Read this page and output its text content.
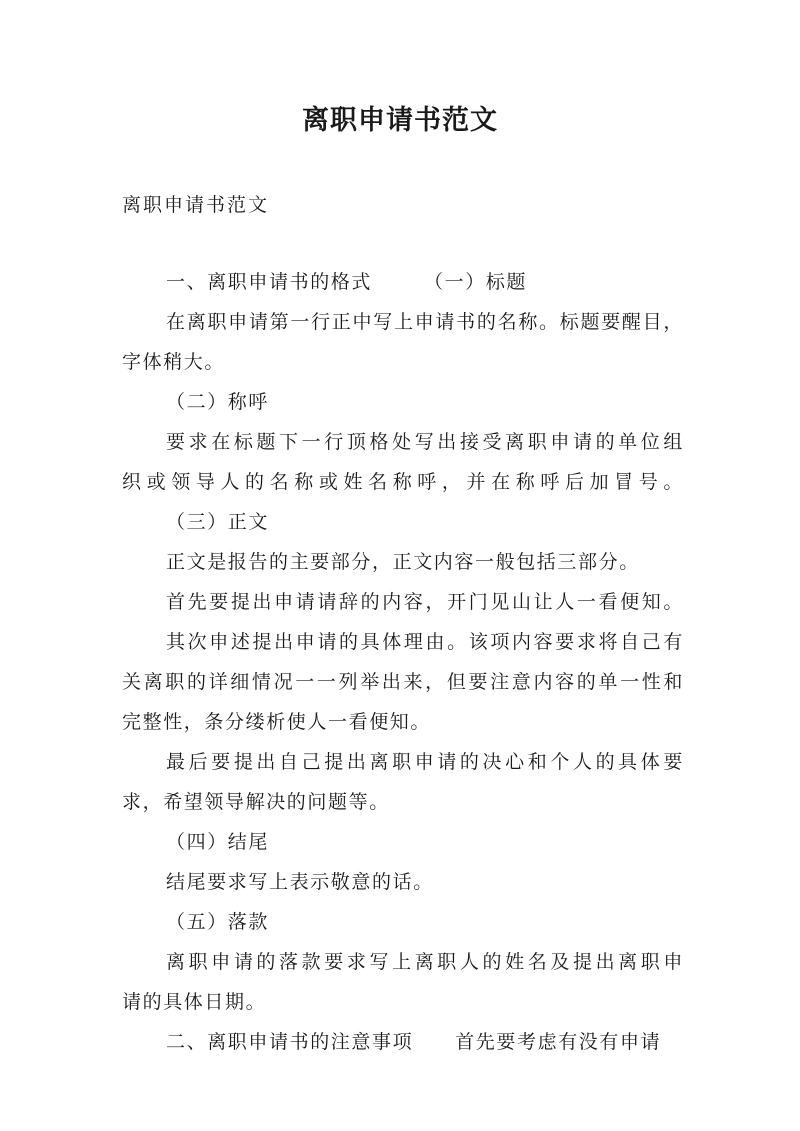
离职申请书范文

离职申请书范文

一、离职申请书的格式	（一）标题

在离职申请第一行正中写上申请书的名称。标题要醒目，

字体稍大。

（二）称呼

要求在标题下一行顶格处写出接受离职申请的单位组

织或领导人的名称或姓名称呼，并在称呼后加冒号。

（三）正文

正文是报告的主要部分，正文内容一般包括三部分。

首先要提出申请请辞的内容，开门见山让人一看便知。

其次申述提出申请的具体理由。该项内容要求将自己有

关离职的详细情况一一列举出来，但要注意内容的单一性和

完整性，条分缕析使人一看便知。

最后要提出自己提出离职申请的决心和个人的具体要

求，希望领导解决的问题等。

（四）结尾

结尾要求写上表示敬意的话。

（五）落款

离职申请的落款要求写上离职人的姓名及提出离职申

请的具体日期。

二、离职申请书的注意事项 首先要考虑有没有申请
